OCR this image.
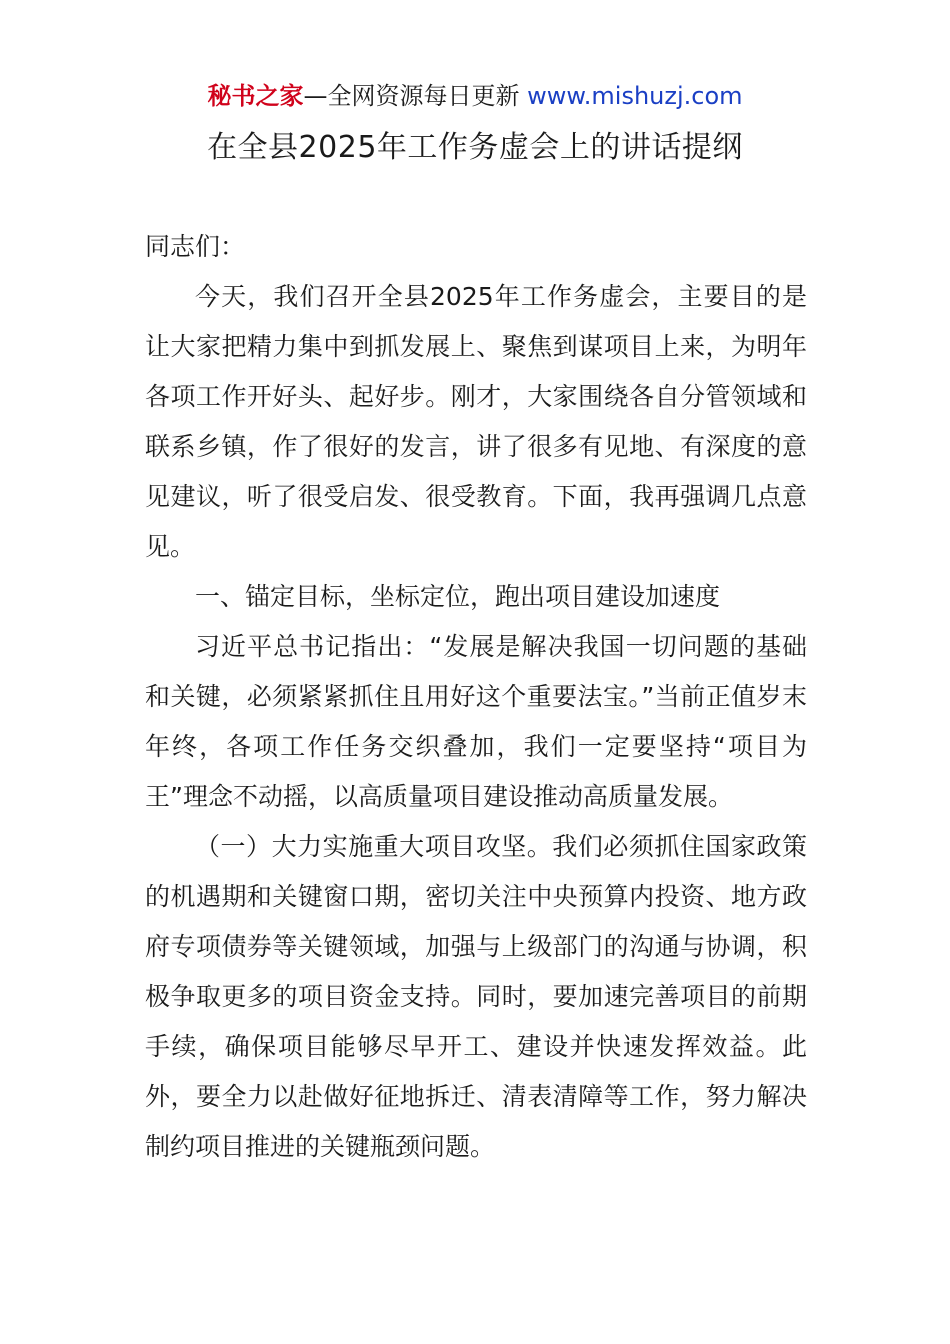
秘书之家—全网资源每日更新 www.mishuzj.com
在全县2025年工作务虚会上的讲话提纲

同志们：

今天，我们召开全县2025年工作务虚会，主要目的是让大家把精力集中到抓发展上、聚焦到谋项目上来，为明年各项工作开好头、起好步。刚才，大家围绕各自分管领域和联系乡镇，作了很好的发言，讲了很多有见地、有深度的意见建议，听了很受启发、很受教育。下面，我再强调几点意见。

一、锚定目标，坐标定位，跑出项目建设加速度

习近平总书记指出：“发展是解决我国一切问题的基础和关键，必须紧紧抓住且用好这个重要法宝。”当前正值岁末年终，各项工作任务交织叠加，我们一定要坚持“项目为王”理念不动摇，以高质量项目建设推动高质量发展。

（一）大力实施重大项目攻坚。我们必须抓住国家政策的机遇期和关键窗口期，密切关注中央预算内投资、地方政府专项债券等关键领域，加强与上级部门的沟通与协调，积极争取更多的项目资金支持。同时，要加速完善项目的前期手续，确保项目能够尽早开工、建设并快速发挥效益。此外，要全力以赴做好征地拆迁、清表清障等工作，努力解决制约项目推进的关键瓶颈问题。
